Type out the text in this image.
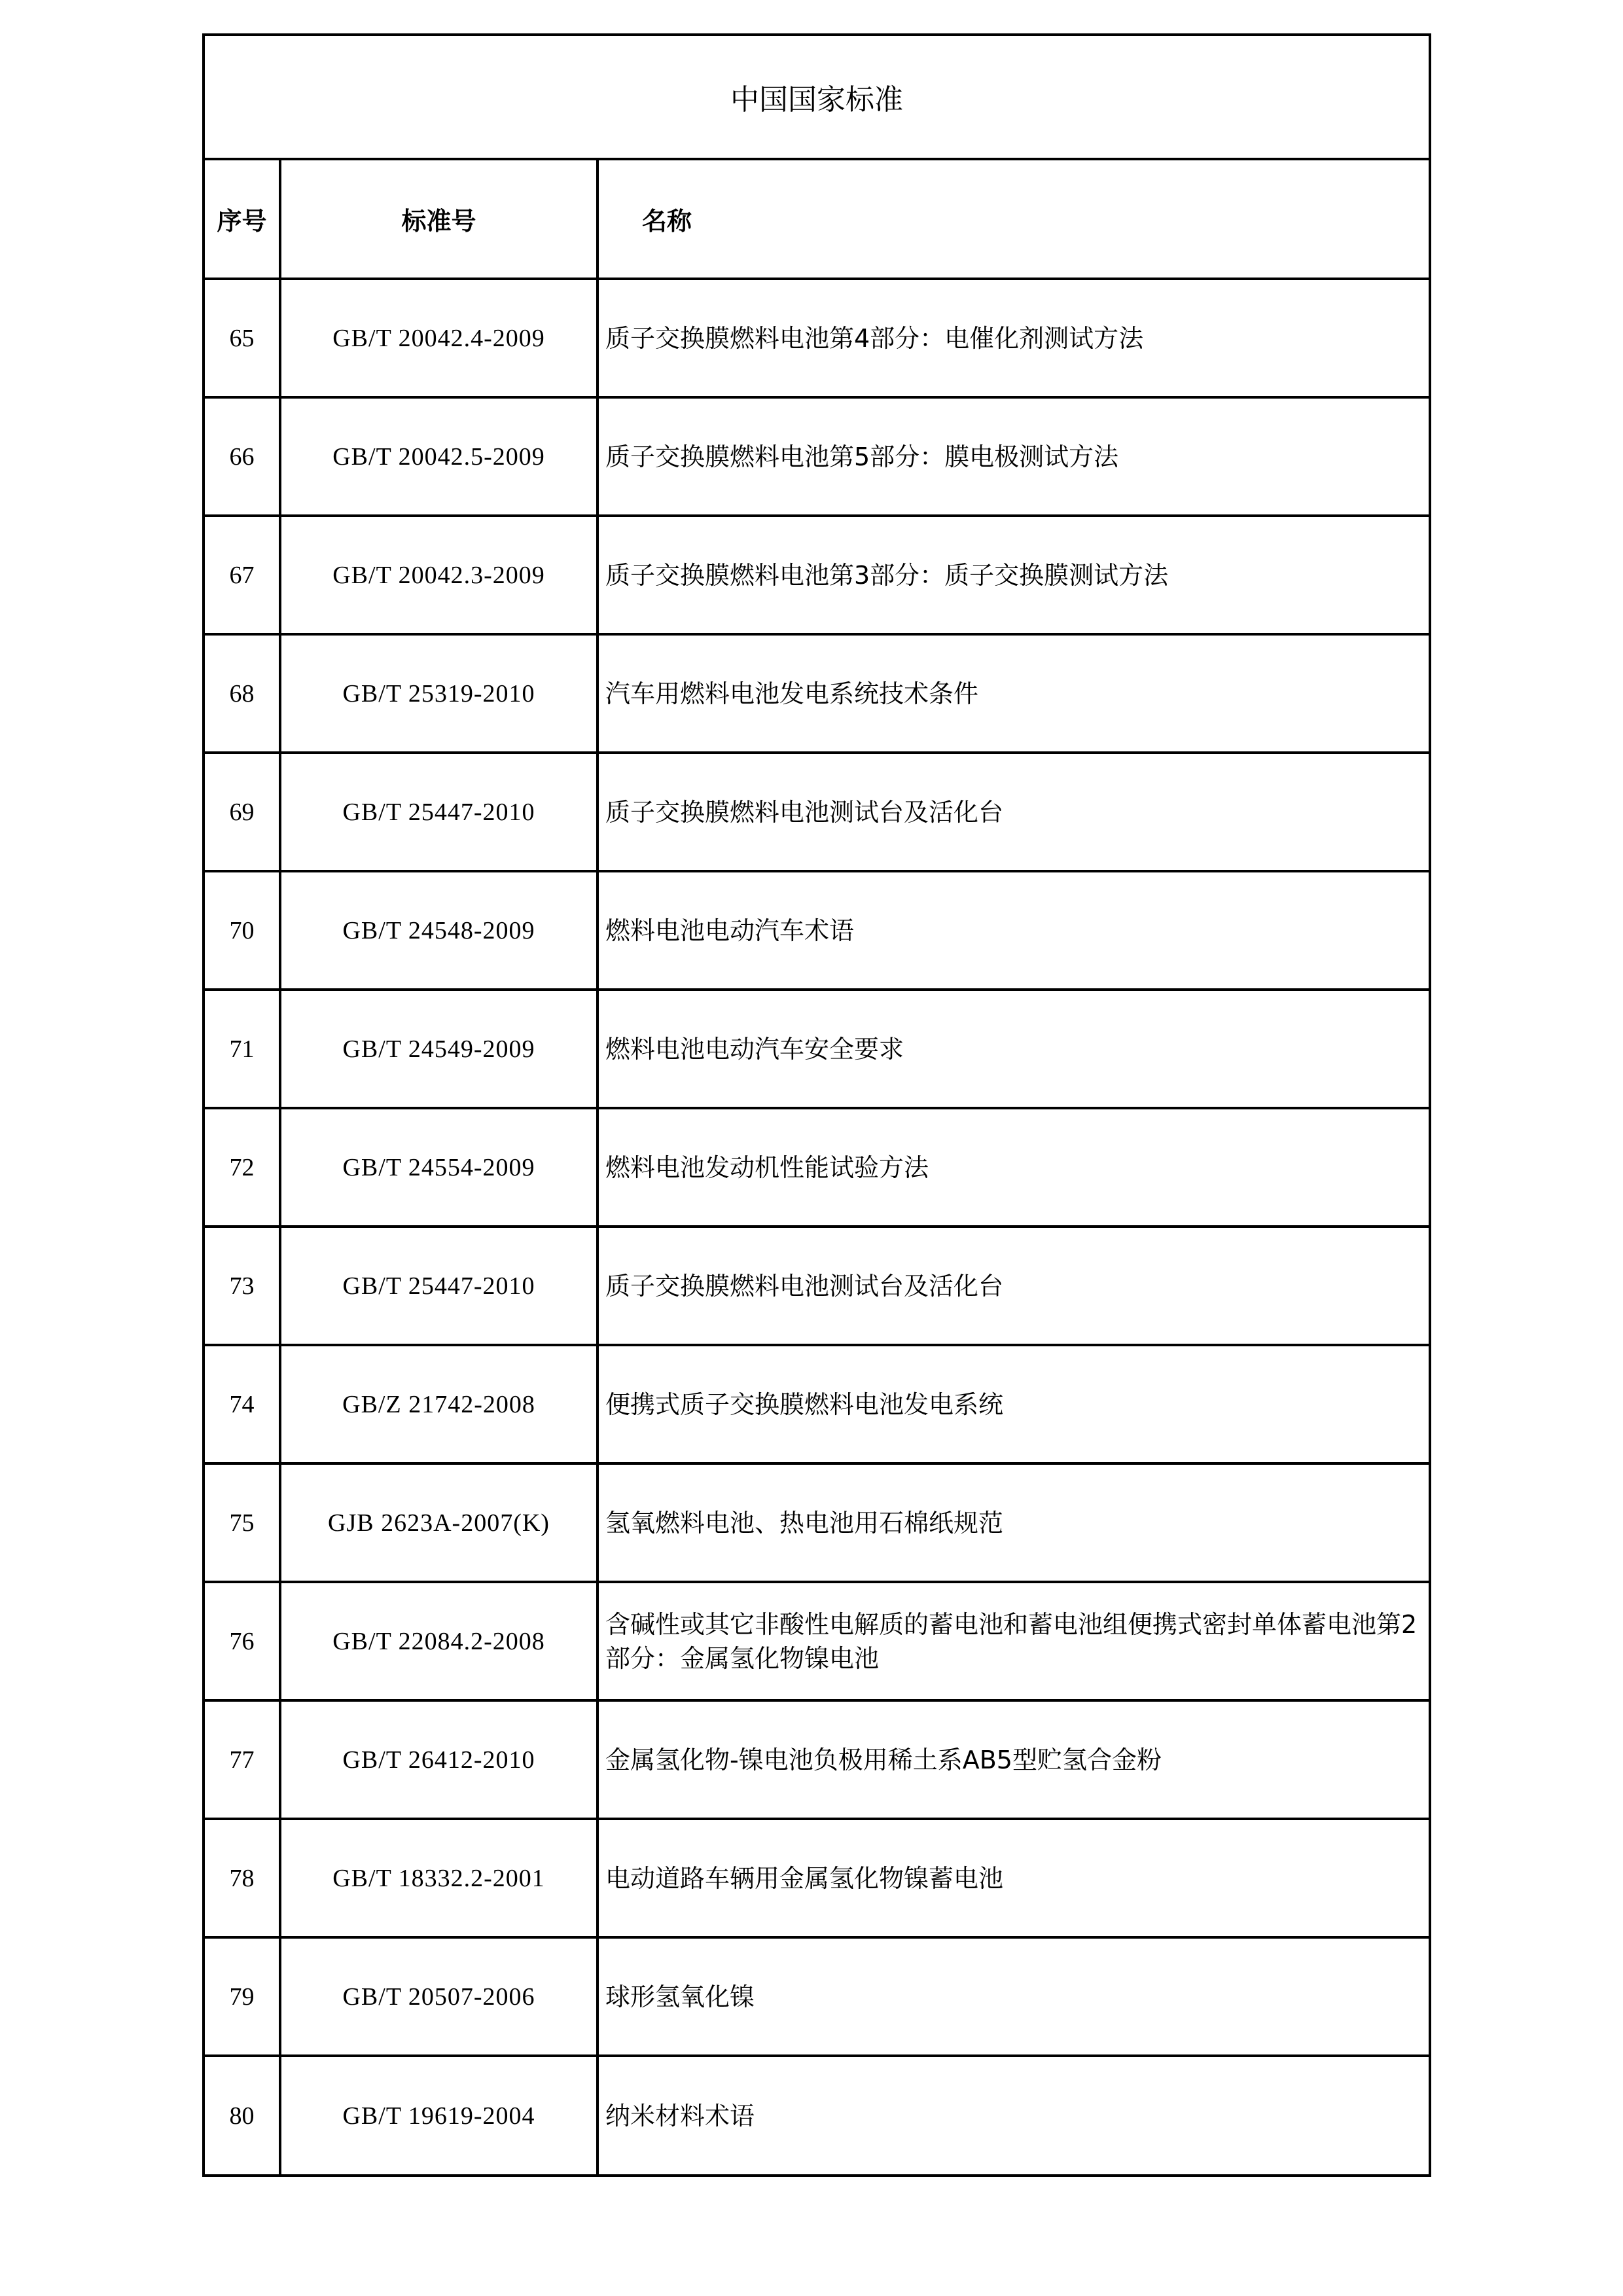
中国国家标准
序号	标准号	名称
65	GB/T 20042.4-2009	质子交换膜燃料电池第4部分：电催化剂测试方法
66	GB/T 20042.5-2009	质子交换膜燃料电池第5部分：膜电极测试方法
67	GB/T 20042.3-2009	质子交换膜燃料电池第3部分：质子交换膜测试方法
68	GB/T 25319-2010	汽车用燃料电池发电系统技术条件
69	GB/T 25447-2010	质子交换膜燃料电池测试台及活化台
70	GB/T 24548-2009	燃料电池电动汽车术语
71	GB/T 24549-2009	燃料电池电动汽车安全要求
72	GB/T 24554-2009	燃料电池发动机性能试验方法
73	GB/T 25447-2010	质子交换膜燃料电池测试台及活化台
74	GB/Z 21742-2008	便携式质子交换膜燃料电池发电系统
75	GJB 2623A-2007(K)	氢氧燃料电池、热电池用石棉纸规范
76	GB/T 22084.2-2008	含碱性或其它非酸性电解质的蓄电池和蓄电池组便携式密封单体蓄电池第2部分：金属氢化物镍电池
77	GB/T 26412-2010	金属氢化物-镍电池负极用稀土系AB5型贮氢合金粉
78	GB/T 18332.2-2001	电动道路车辆用金属氢化物镍蓄电池
79	GB/T 20507-2006	球形氢氧化镍
80	GB/T 19619-2004	纳米材料术语
